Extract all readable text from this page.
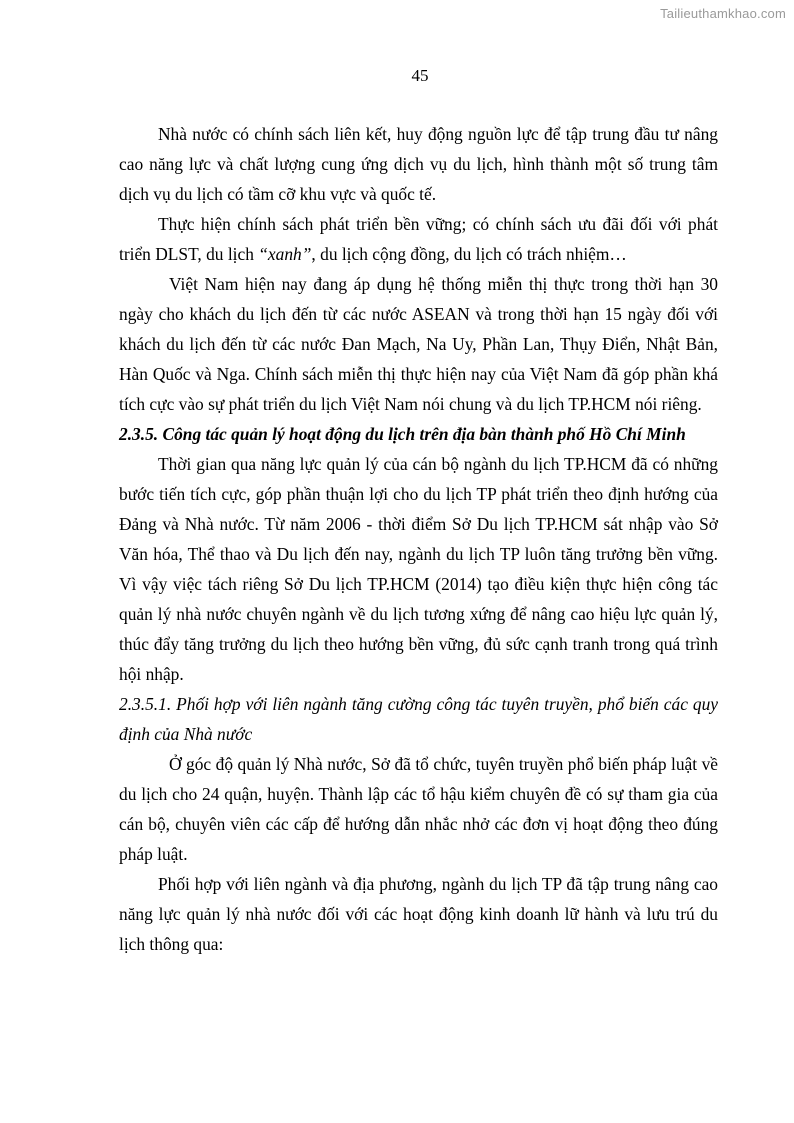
Tailieuthamkhao.com
45

Nhà nước có chính sách liên kết, huy động nguồn lực để tập trung đầu tư nâng cao năng lực và chất lượng cung ứng dịch vụ du lịch, hình thành một số trung tâm dịch vụ du lịch có tầm cỡ khu vực và quốc tế.

Thực hiện chính sách phát triển bền vững; có chính sách ưu đãi đối với phát triển DLST, du lịch “xanh”, du lịch cộng đồng, du lịch có trách nhiệm…

Việt Nam hiện nay đang áp dụng hệ thống miễn thị thực trong thời hạn 30 ngày cho khách du lịch đến từ các nước ASEAN và trong thời hạn 15 ngày đối với khách du lịch đến từ các nước Đan Mạch, Na Uy, Phần Lan, Thụy Điển, Nhật Bản, Hàn Quốc và Nga. Chính sách miễn thị thực hiện nay của Việt Nam đã góp phần khá tích cực vào sự phát triển du lịch Việt Nam nói chung và du lịch TP.HCM nói riêng.

2.3.5. Công tác quản lý hoạt động du lịch trên địa bàn thành phố Hồ Chí Minh

Thời gian qua năng lực quản lý của cán bộ ngành du lịch TP.HCM đã có những bước tiến tích cực, góp phần thuận lợi cho du lịch TP phát triển theo định hướng của Đảng và Nhà nước. Từ năm 2006 - thời điểm Sở Du lịch TP.HCM sát nhập vào Sở Văn hóa, Thể thao và Du lịch đến nay, ngành du lịch TP luôn tăng trưởng bền vững. Vì vậy việc tách riêng Sở Du lịch TP.HCM (2014) tạo điều kiện thực hiện công tác quản lý nhà nước chuyên ngành về du lịch tương xứng để nâng cao hiệu lực quản lý, thúc đẩy tăng trưởng du lịch theo hướng bền vững, đủ sức cạnh tranh trong quá trình hội nhập.

2.3.5.1. Phối hợp với liên ngành tăng cường công tác tuyên truyền, phổ biến các quy định của Nhà nước

Ở góc độ quản lý Nhà nước, Sở đã tổ chức, tuyên truyền phổ biến pháp luật về du lịch cho 24 quận, huyện. Thành lập các tổ hậu kiểm chuyên đề có sự tham gia của cán bộ, chuyên viên các cấp để hướng dẫn nhắc nhở các đơn vị hoạt động theo đúng pháp luật.

Phối hợp với liên ngành và địa phương, ngành du lịch TP đã tập trung nâng cao năng lực quản lý nhà nước đối với các hoạt động kinh doanh lữ hành và lưu trú du lịch thông qua:
